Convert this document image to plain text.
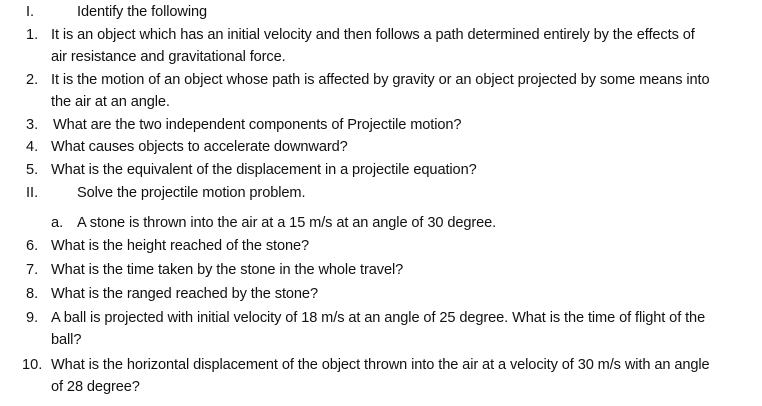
I.	Identify the following
1. It is an object which has an initial velocity and then follows a path determined entirely by the effects of
air resistance and gravitational force.
2. It is the motion of an object whose path is affected by gravity or an object projected by some means into
the air at an angle.
3. What are the two independent components of Projectile motion?
4. What causes objects to accelerate downward?
5. What is the equivalent of the displacement in a projectile equation?
II.	Solve the projectile motion problem.
a. A stone is thrown into the air at a 15 m/s at an angle of 30 degree.
6. What is the height reached of the stone?
7. What is the time taken by the stone in the whole travel?
8. What is the ranged reached by the stone?
9. A ball is projected with initial velocity of 18 m/s at an angle of 25 degree. What is the time of flight of the
ball?
10. What is the horizontal displacement of the object thrown into the air at a velocity of 30 m/s with an angle
of 28 degree?
